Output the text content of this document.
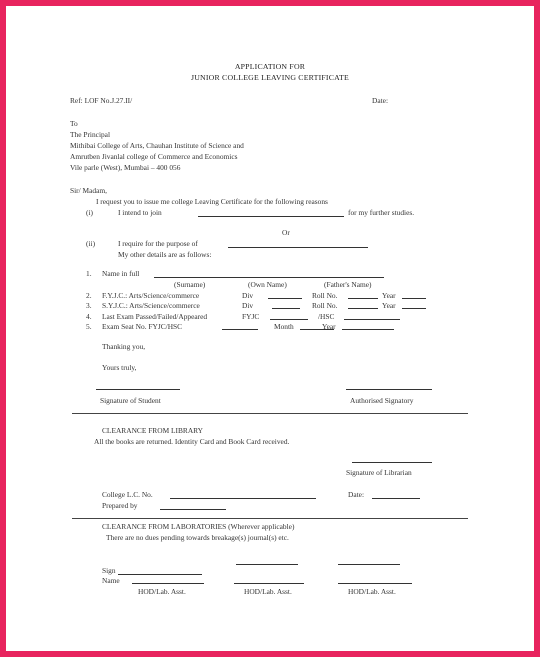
APPLICATION FOR
JUNIOR COLLEGE LEAVING CERTIFICATE
Ref: LOF No.J.27.II/	Date:
To
The Principal
Mithibai College of Arts, Chauhan Institute of Science and
Amrutben Jivanlal college of Commerce and Economics
Vile parle (West), Mumbai – 400 056
Sir/ Madam,
I request you to issue me college Leaving Certificate for the following reasons
(i)	I intend to join	for my further studies.
Or
(ii)	I require for the purpose of
My other details are as follows:
1. Name in full
(Surname)	(Own Name)	(Father's Name)
2. F.Y.J.C.: Arts/Science/commerce	Div	Roll No.	Year
3. S.Y.J.C.: Arts/Science/commerce	Div	Roll No.	Year
4. Last Exam Passed/Failed/Appeared	FYJC	/HSC
5. Exam Seat No. FYJC/HSC	Month	Year
Thanking you,
Yours truly,
Signature of Student	Authorised Signatory
CLEARANCE FROM LIBRARY
All the books are returned. Identity Card and Book Card received.
Signature of Librarian
College L.C. No.	Date:
Prepared by
CLEARANCE FROM LABORATORIES (Wherever applicable)
There are no dues pending towards breakage(s) journal(s) etc.
Sign
Name
HOD/Lab. Asst.	HOD/Lab. Asst.	HOD/Lab. Asst.
